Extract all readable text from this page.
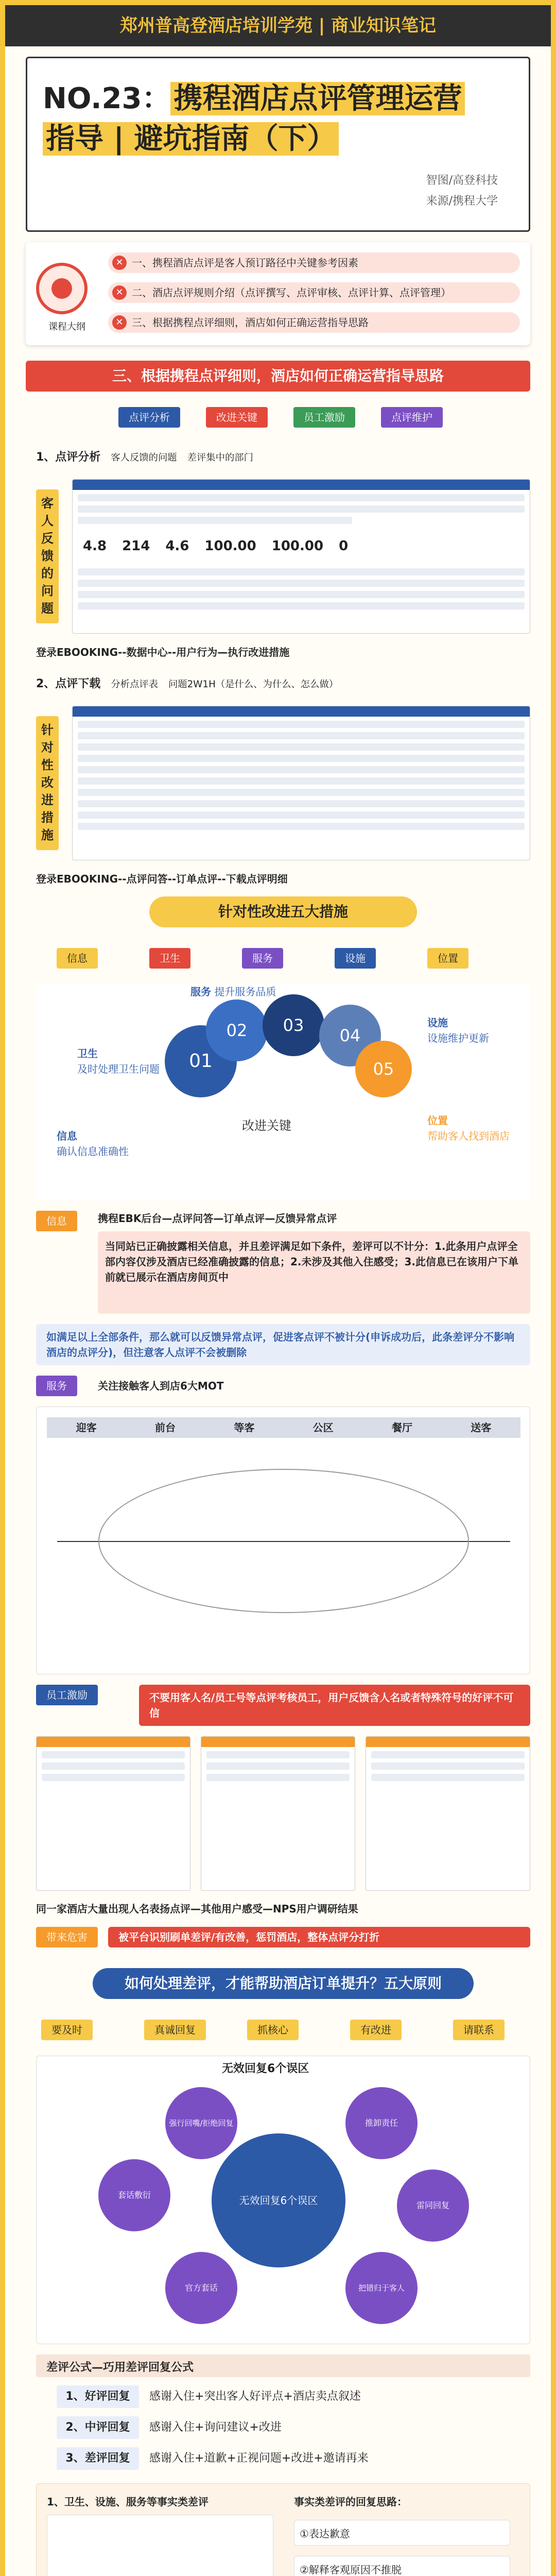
郑州普高登酒店培训学苑 | 商业知识笔记
NO.23： 携程酒店点评管理运营
指导 | 避坑指南（下）
智图/高登科技
来源/携程大学
课程大纲
✕ 一、携程酒店点评是客人预订路径中关键参考因素
✕ 二、酒店点评规则介绍（点评撰写、点评审核、点评计算、点评管理）
✕ 三、根据携程点评细则，酒店如何正确运营指导思路
三、根据携程点评细则，酒店如何正确运营指导思路
点评分析	改进关键	员工激励	点评维护
1、点评分析 客人反馈的问题 差评集中的部门
客人反馈的问题
4.8 214 4.6 100.00 100.00 0
登录EBOOKING--数据中心--用户行为—执行改进措施
2、点评下载 分析点评表 问题2W1H（是什么、为什么、怎么做）
针对性改进措施
登录EBOOKING--点评问答--订单点评--下载点评明细
针对性改进五大措施
信息	卫生	服务	设施	位置
01
02	03
04
05
改进关键
信息
确认信息准确性
卫生
及时处理卫生问题
服务 提升服务品质
设施
设施维护更新
位置
帮助客人找到酒店
信息	携程EBK后台—点评问答—订单点评—反馈异常点评
当同站已正确披露相关信息，并且差评满足如下条件，差评可以不计分：1.此条用户点评全部内容仅涉及酒店已经准确披露的信息；2.未涉及其他入住感受；3.此信息已在该用户下单前就已展示在酒店房间页中
如满足以上全部条件，那么就可以反馈异常点评，促进客点评不被计分(申诉成功后，此条差评分不影响酒店的点评分)，但注意客人点评不会被删除
服务	关注接触客人到店6大MOT
迎客	前台	等客	公区	餐厅	送客
员工激励	不要用客人名/员工号等点评考核员工，用户反馈含人名或者特殊符号的好评不可信
同一家酒店大量出现人名表扬点评—其他用户感受—NPS用户调研结果
带来危害	被平台识别刷单差评/有改善，惩罚酒店，整体点评分打折
如何处理差评，才能帮助酒店订单提升？五大原则
要及时	真诚回复	抓核心	有改进	请联系
无效回复6个误区
无效回复6个误区
强行回嘴/拒绝回复	推卸责任
套话敷衍
雷同回复
官方套话	把错归于客人
差评公式—巧用差评回复公式
1、好评回复 感谢入住+突出客人好评点+酒店卖点叙述
2、中评回复 感谢入住+询问建议+改进
3、差评回复 感谢入住+道歉+正视问题+改进+邀请再来
1、卫生、设施、服务等事实类差评	事实类差评的回复思路：
①表达歉意
②解释客观原因不推脱
